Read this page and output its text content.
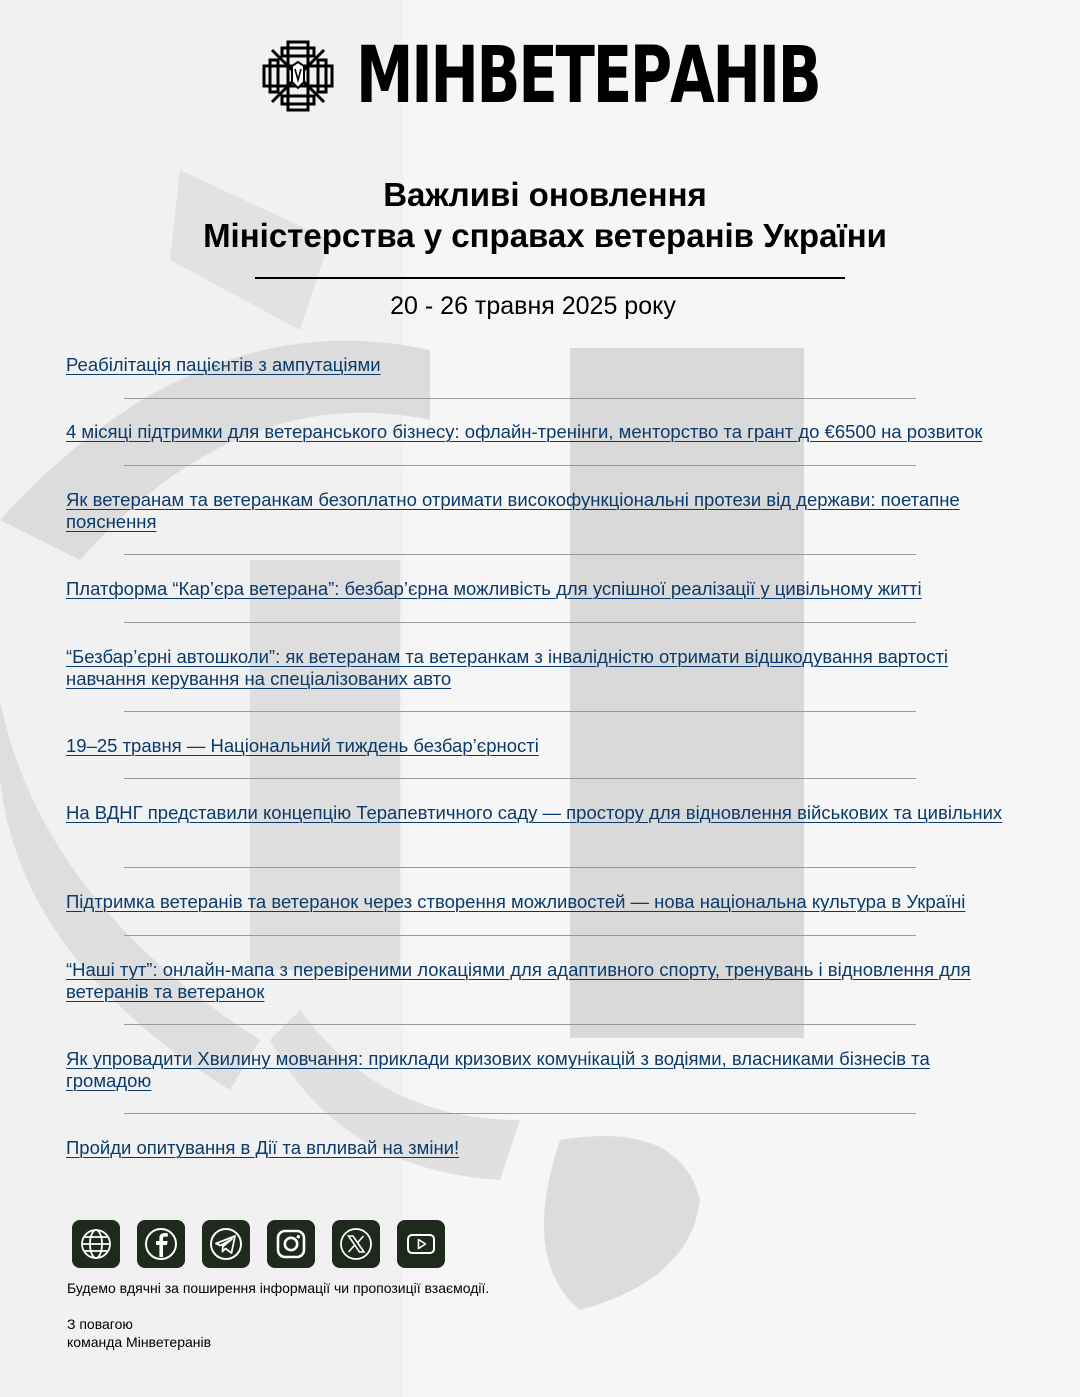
МІНВЕТЕРАНІВ
Важливі оновлення
Міністерства у справах ветеранів України
20 - 26 травня 2025 року
Реабілітація пацієнтів з ампутаціями
4 місяці підтримки для ветеранського бізнесу: офлайн-тренінги, менторство та грант до €6500 на розвиток
Як ветеранам та ветеранкам безоплатно отримати високофункціональні протези від держави: поетапне пояснення
Платформа “Кар’єра ветерана”: безбар’єрна можливість для успішної реалізації у цивільному житті
“Безбар’єрні автошколи”: як ветеранам та ветеранкам з інвалідністю отримати відшкодування вартості навчання керування на спеціалізованих авто
19–25 травня — Національний тиждень безбар’єрності
На ВДНГ представили концепцію Терапевтичного саду — простору для відновлення військових та цивільних
Підтримка ветеранів та ветеранок через створення можливостей — нова національна культура в Україні
“Наші тут”: онлайн-мапа з перевіреними локаціями для адаптивного спорту, тренувань і відновлення для ветеранів та ветеранок
Як упровадити Хвилину мовчання: приклади кризових комунікацій з водіями, власниками бізнесів та громадою
Пройди опитування в Дії та впливай на зміни!
Будемо вдячні за поширення інформації чи пропозиції взаємодії.
З повагою
команда Мінветеранів
